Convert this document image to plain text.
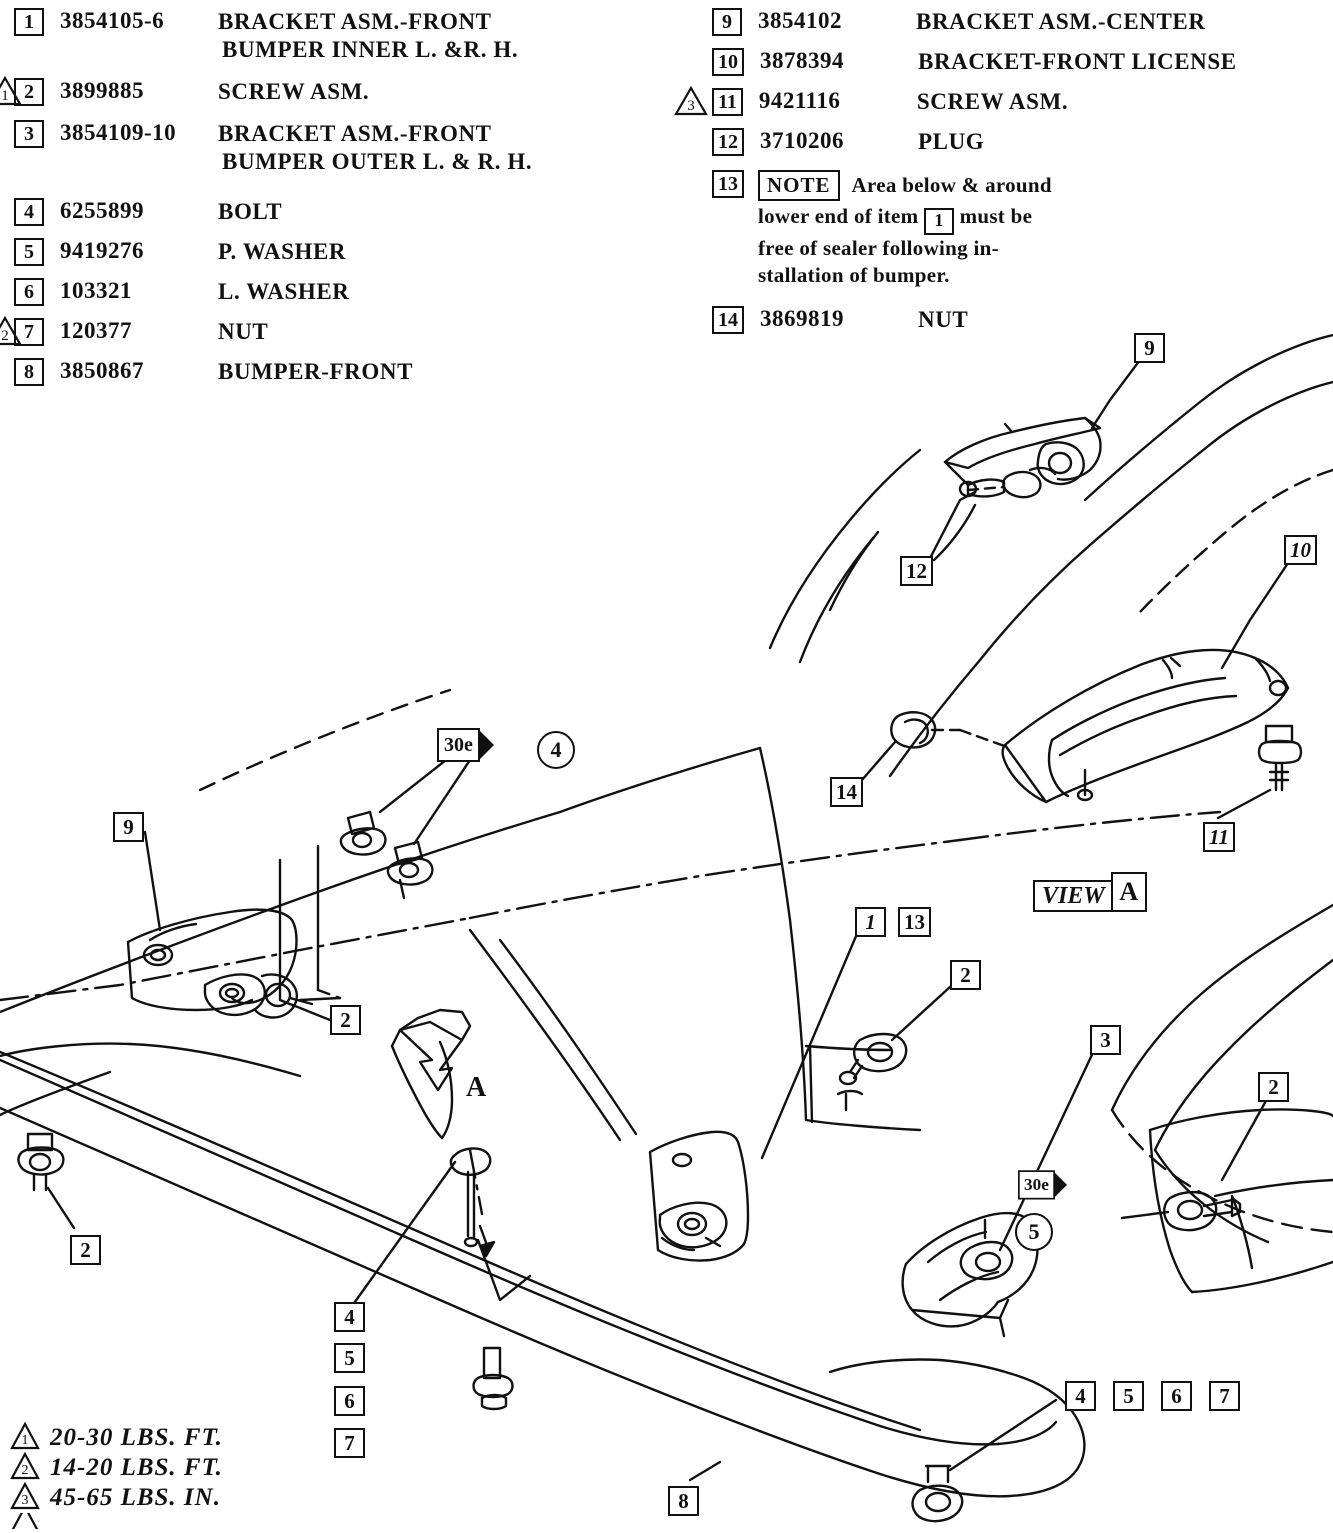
1	3854105-6	BRACKET ASM.-FRONT
BUMPER INNER L. &R. H.
1 2	3899885	SCREW ASM.
3	3854109-10	BRACKET ASM.-FRONT
BUMPER OUTER L. & R. H.
4	6255899	BOLT
5	9419276	P. WASHER
6	103321	L. WASHER
2 7	120377	NUT
8	3850867	BUMPER-FRONT
9	3854102	BRACKET ASM.-CENTER
10 3878394	BRACKET-FRONT LICENSE
3	11 9421116	SCREW ASM.
12 3710206	PLUG
13	NOTE	Area below & around
lower end of item 1 must be
free of sealer following in-
stallation of bumper.
14 3869819	NUT
9
12
10
14
11
9
2
2
4
5
6
7
1	13
2
3
2
8
4	5	6	7
4
5
30e
30e
VIEW A
A
1 20-30 LBS. FT.
2 14-20 LBS. FT.
3 45-65 LBS. IN.
